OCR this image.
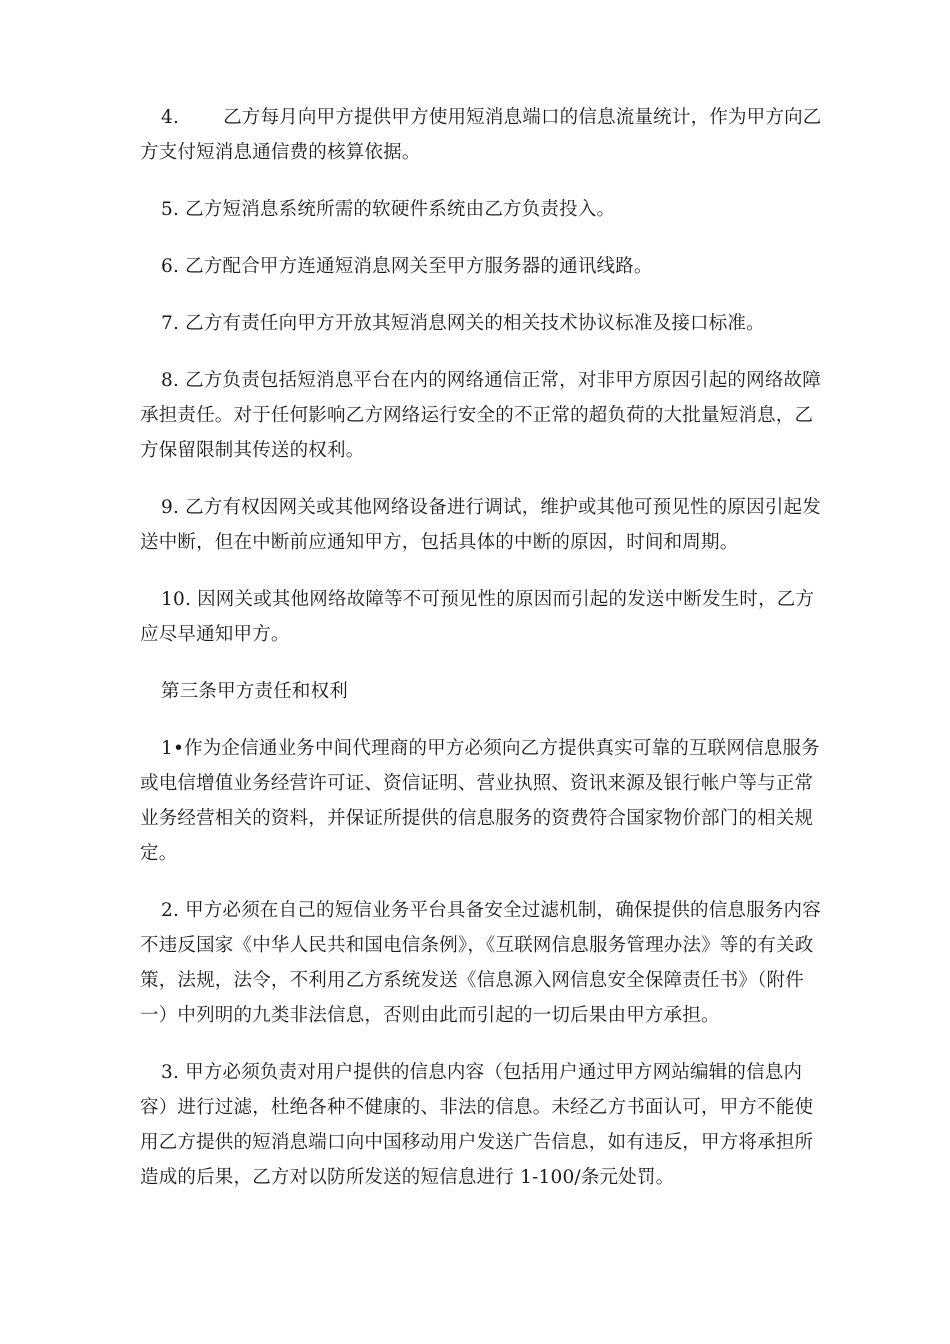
4. 乙方每月向甲方提供甲方使用短消息端口的信息流量统计，作为甲方向乙方支付短消息通信费的核算依据。

5. 乙方短消息系统所需的软硬件系统由乙方负责投入。

6. 乙方配合甲方连通短消息网关至甲方服务器的通讯线路。

7. 乙方有责任向甲方开放其短消息网关的相关技术协议标准及接口标准。

8. 乙方负责包括短消息平台在内的网络通信正常，对非甲方原因引起的网络故障承担责任。对于任何影响乙方网络运行安全的不正常的超负荷的大批量短消息，乙方保留限制其传送的权利。

9. 乙方有权因网关或其他网络设备进行调试，维护或其他可预见性的原因引起发送中断，但在中断前应通知甲方，包括具体的中断的原因，时间和周期。

10. 因网关或其他网络故障等不可预见性的原因而引起的发送中断发生时，乙方应尽早通知甲方。

第三条甲方责任和权利

1•作为企信通业务中间代理商的甲方必须向乙方提供真实可靠的互联网信息服务或电信增值业务经营许可证、资信证明、营业执照、资讯来源及银行帐户等与正常业务经营相关的资料，并保证所提供的信息服务的资费符合国家物价部门的相关规定。

2. 甲方必须在自己的短信业务平台具备安全过滤机制，确保提供的信息服务内容不违反国家《中华人民共和国电信条例》，《互联网信息服务管理办法》等的有关政策，法规，法令，不利用乙方系统发送《信息源入网信息安全保障责任书》（附件一）中列明的九类非法信息，否则由此而引起的一切后果由甲方承担。

3. 甲方必须负责对用户提供的信息内容（包括用户通过甲方网站编辑的信息内容）进行过滤，杜绝各种不健康的、非法的信息。未经乙方书面认可，甲方不能使用乙方提供的短消息端口向中国移动用户发送广告信息，如有违反，甲方将承担所造成的后果，乙方对以防所发送的短信息进行 1-100/条元处罚。
